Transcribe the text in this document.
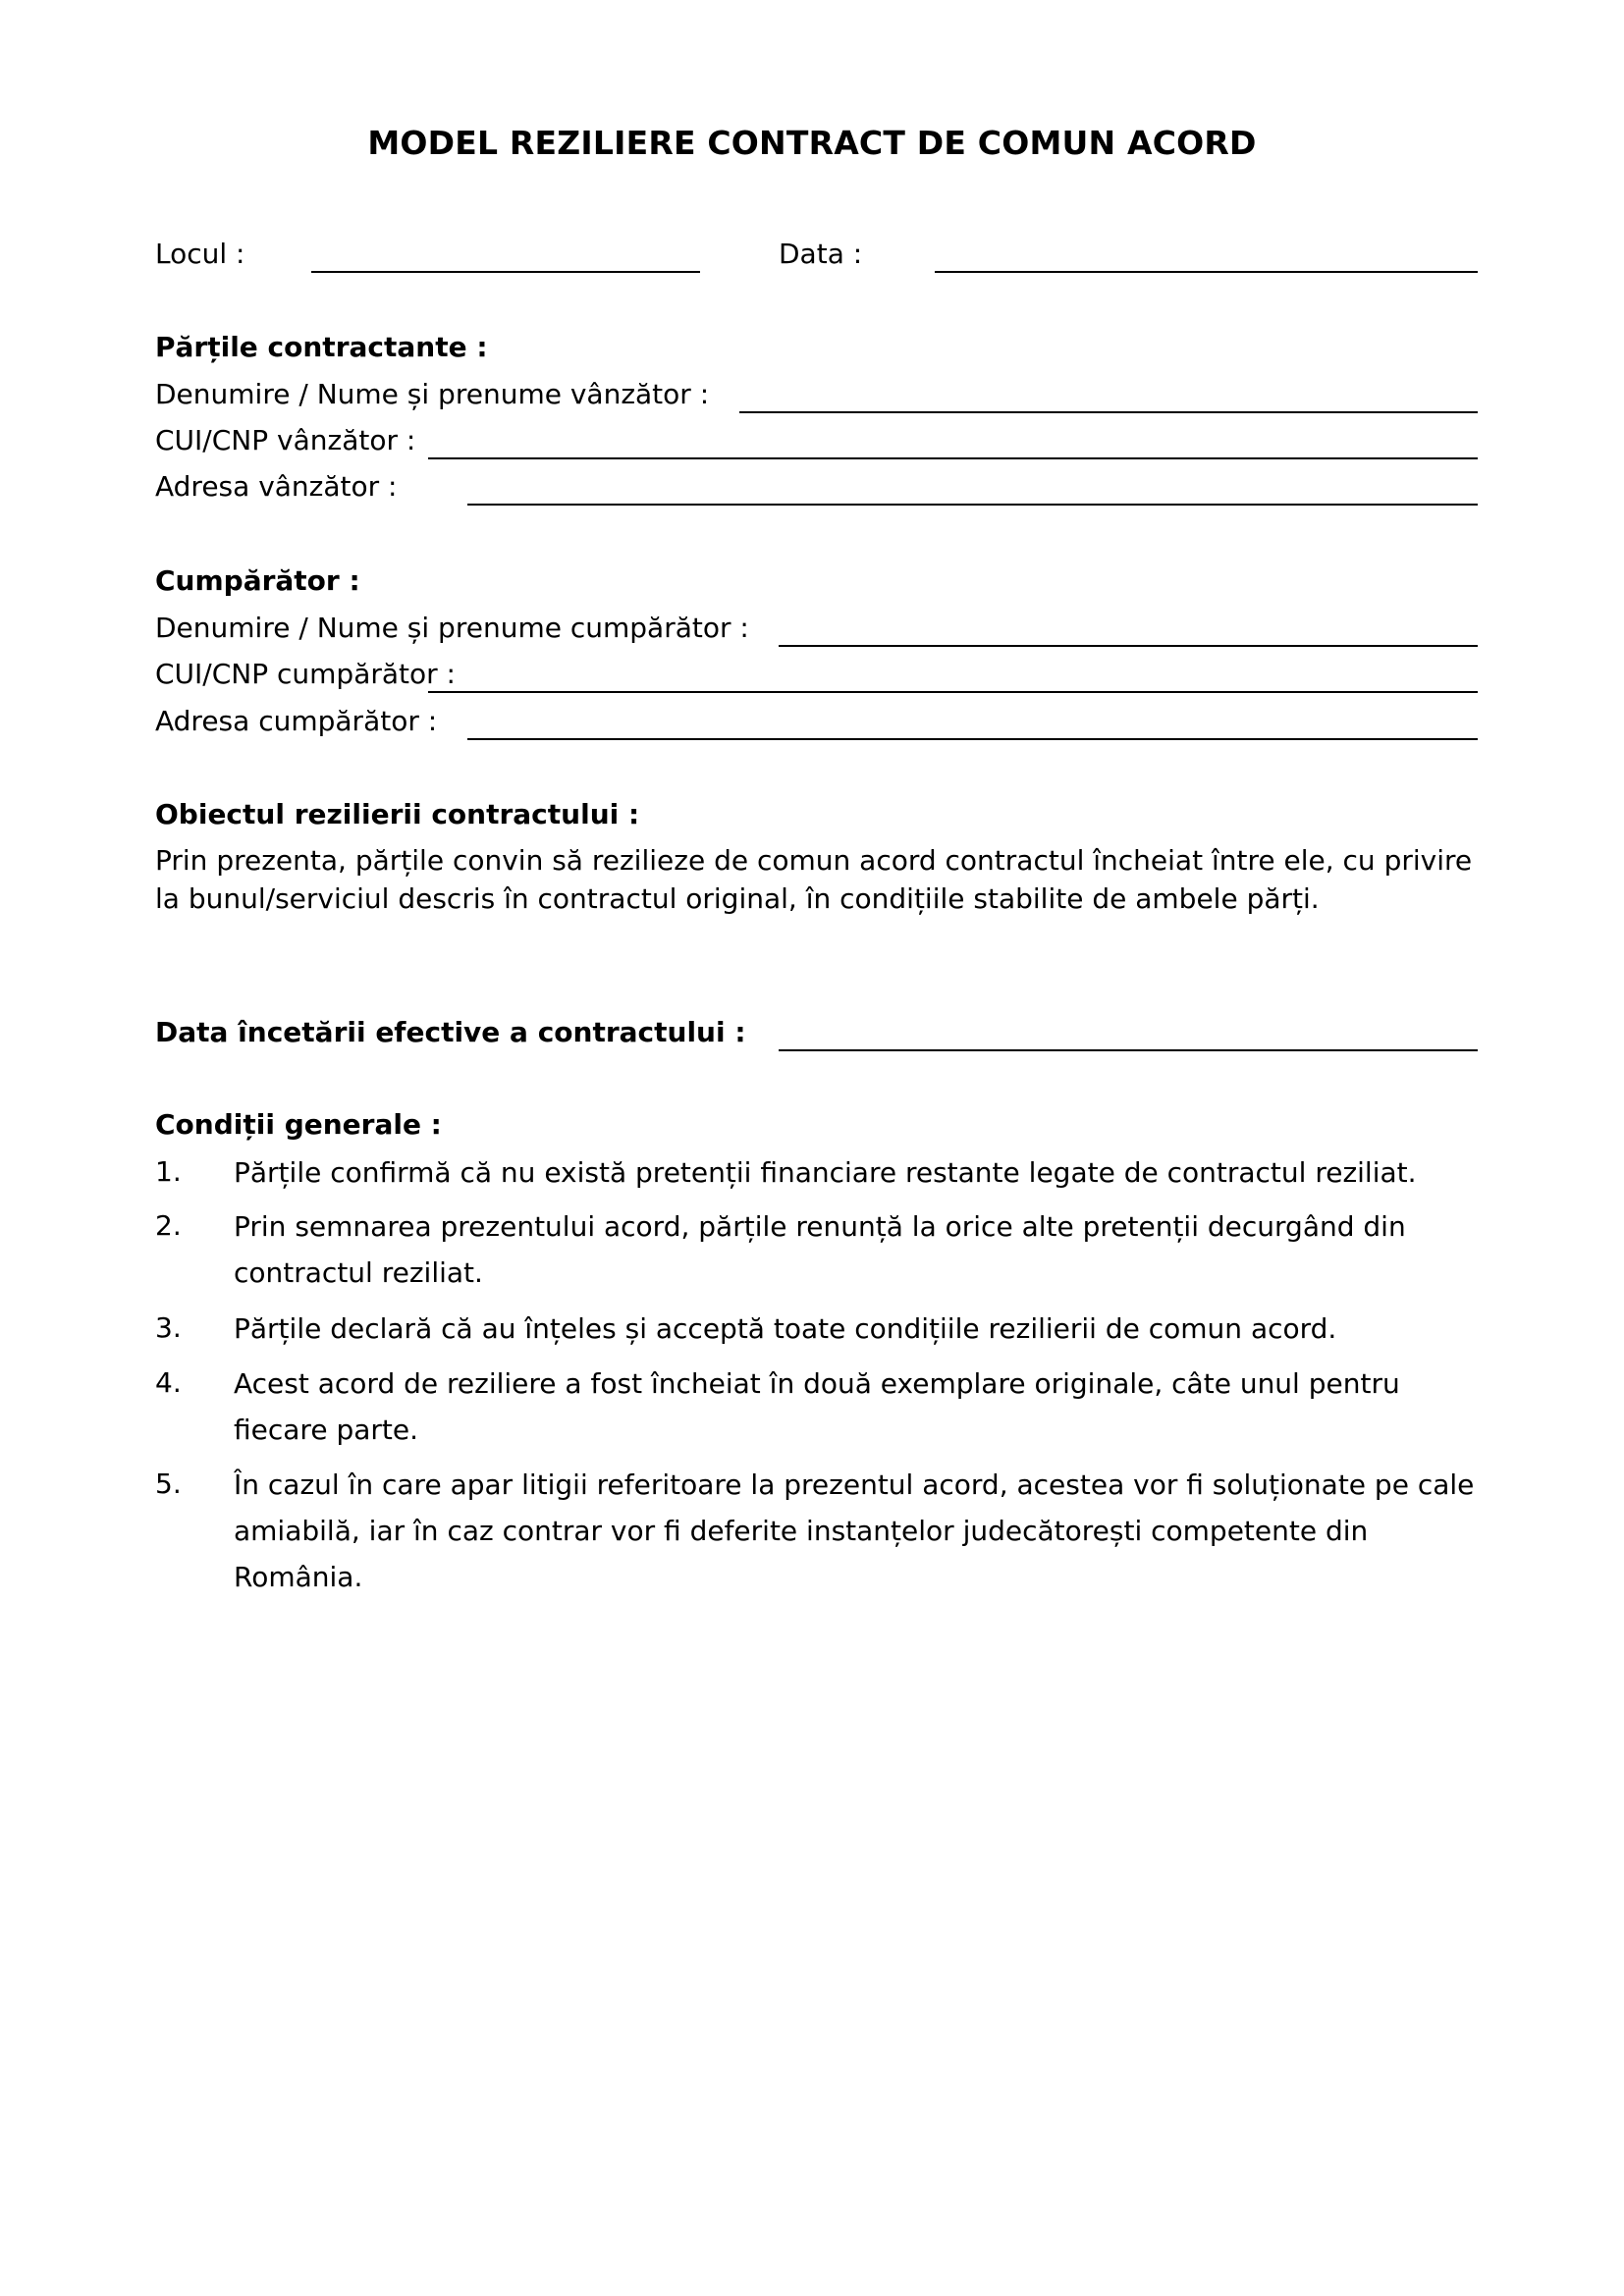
MODEL REZILIERE CONTRACT DE COMUN ACORD
Locul :	Data :
Părțile contractante :
Denumire / Nume și prenume vânzător :
CUI/CNP vânzător :
Adresa vânzător :
Cumpărător :
Denumire / Nume și prenume cumpărător :
CUI/CNP cumpărător :
Adresa cumpărător :
Obiectul rezilierii contractului :
Prin prezenta, părțile convin să rezilieze de comun acord contractul încheiat între ele, cu privire la bunul/serviciul descris în contractul original, în condițiile stabilite de ambele părți.
Data încetării efective a contractului :
Condiții generale :
1. Părțile confirmă că nu există pretenții financiare restante legate de contractul reziliat.
2. Prin semnarea prezentului acord, părțile renunță la orice alte pretenții decurgând din contractul reziliat.
3. Părțile declară că au înțeles și acceptă toate condițiile rezilierii de comun acord.
4. Acest acord de reziliere a fost încheiat în două exemplare originale, câte unul pentru fiecare parte.
5. În cazul în care apar litigii referitoare la prezentul acord, acestea vor fi soluționate pe cale amiabilă, iar în caz contrar vor fi deferite instanțelor judecătorești competente din România.
